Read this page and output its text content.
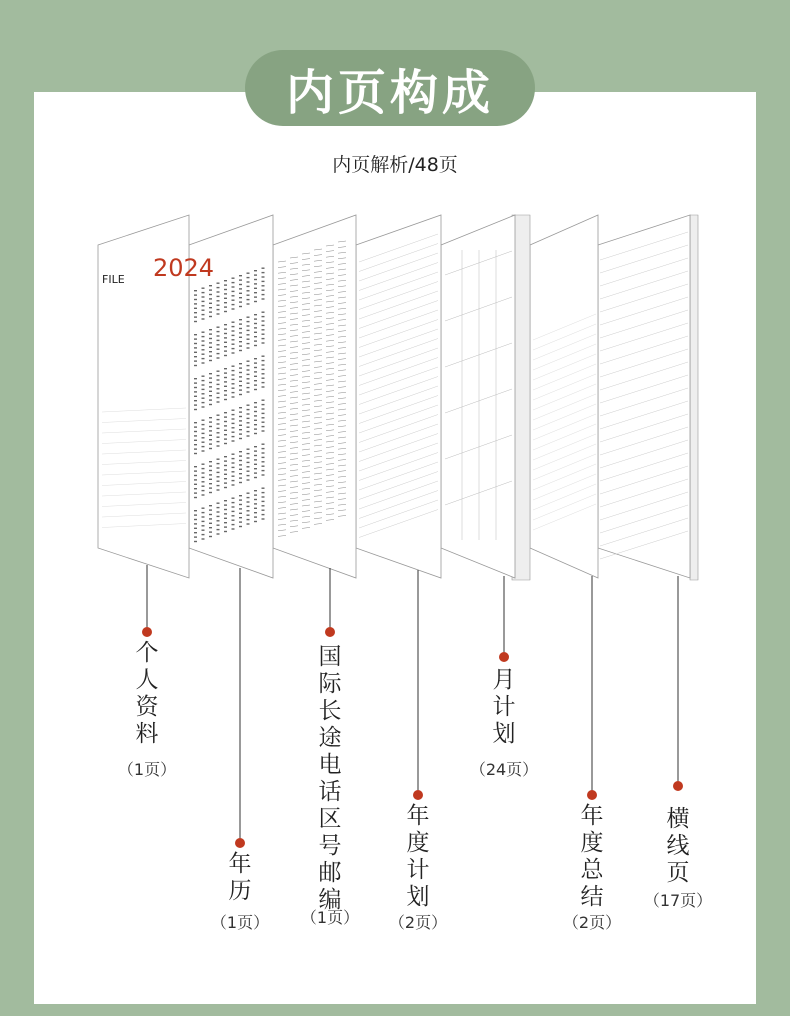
内页构成
内页解析/48页
FILE 2024
个
人
资
料
（1页）
年
历
（1页）
国
际
长
途
电
话
区
号
邮
编
（1页）
年
度
计
划
（2页）
月
计
划
（24页）
年
度
总
结
（2页）
横
线
页
（17页）
